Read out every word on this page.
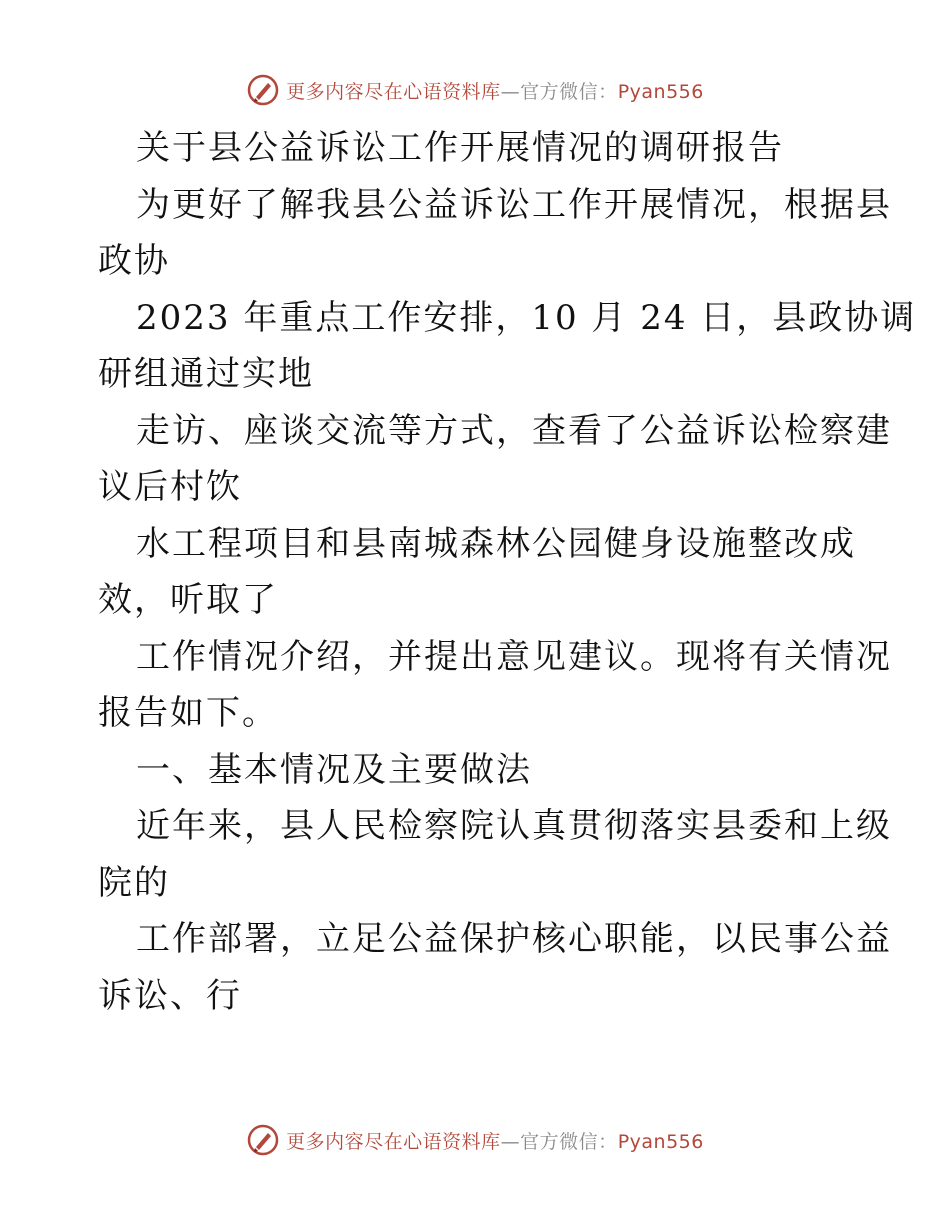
更多内容尽在心语资料库—官方微信：Pyan556
关于县公益诉讼工作开展情况的调研报告
为更好了解我县公益诉讼工作开展情况，根据县
政协
2023 年重点工作安排，10 月 24 日，县政协调
研组通过实地
走访、座谈交流等方式，查看了公益诉讼检察建
议后村饮
水工程项目和县南城森林公园健身设施整改成
效，听取了
工作情况介绍，并提出意见建议。现将有关情况
报告如下。
一、基本情况及主要做法
近年来，县人民检察院认真贯彻落实县委和上级
院的
工作部署，立足公益保护核心职能，以民事公益
诉讼、行
更多内容尽在心语资料库—官方微信：Pyan556
